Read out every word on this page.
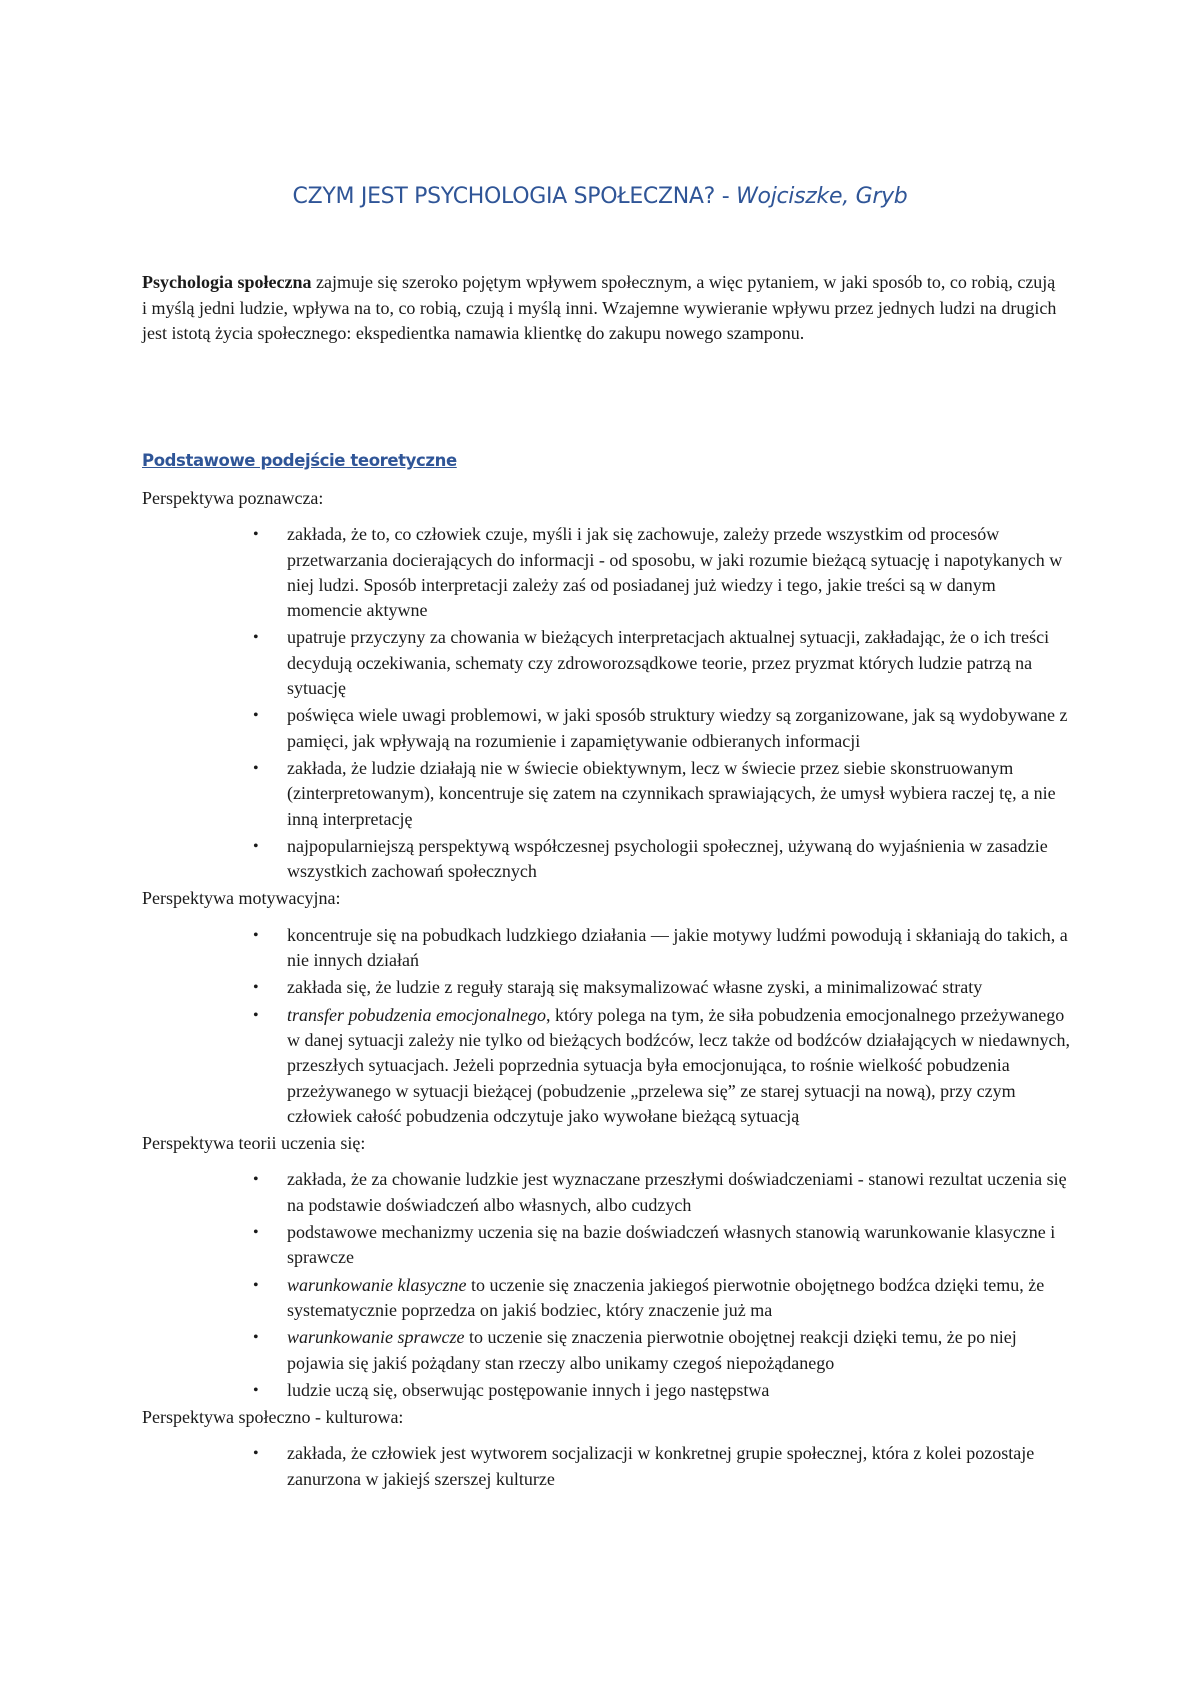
CZYM JEST PSYCHOLOGIA SPOŁECZNA? - Wojciszke, Gryb

Psychologia społeczna zajmuje się szeroko pojętym wpływem społecznym, a więc pytaniem, w jaki sposób to, co robią, czują i myślą jedni ludzie, wpływa na to, co robią, czują i myślą inni. Wzajemne wywieranie wpływu przez jednych ludzi na drugich jest istotą życia społecznego: ekspedientka namawia klientkę do zakupu nowego szamponu.

Podstawowe podejście teoretyczne
Perspektywa poznawcza:
• zakłada, że to, co człowiek czuje, myśli i jak się zachowuje, zależy przede wszystkim od procesów przetwarzania docierających do informacji - od sposobu, w jaki rozumie bieżącą sytuację i napotykanych w niej ludzi. Sposób interpretacji zależy zaś od posiadanej już wiedzy i tego, jakie treści są w danym momencie aktywne
• upatruje przyczyny za chowania w bieżących interpretacjach aktualnej sytuacji, zakładając, że o ich treści decydują oczekiwania, schematy czy zdroworozsądkowe teorie, przez pryzmat których ludzie patrzą na sytuację
• poświęca wiele uwagi problemowi, w jaki sposób struktury wiedzy są zorganizowane, jak są wydobywane z pamięci, jak wpływają na rozumienie i zapamiętywanie odbieranych informacji
• zakłada, że ludzie działają nie w świecie obiektywnym, lecz w świecie przez siebie skonstruowanym (zinterpretowanym), koncentruje się zatem na czynnikach sprawiających, że umysł wybiera raczej tę, a nie inną interpretację
• najpopularniejszą perspektywą współczesnej psychologii społecznej, używaną do wyjaśnienia w zasadzie wszystkich zachowań społecznych
Perspektywa motywacyjna:
• koncentruje się na pobudkach ludzkiego działania — jakie motywy ludźmi powodują i skłaniają do takich, a nie innych działań
• zakłada się, że ludzie z reguły starają się maksymalizować własne zyski, a minimalizować straty
• transfer pobudzenia emocjonalnego, który polega na tym, że siła pobudzenia emocjonalnego przeżywanego w danej sytuacji zależy nie tylko od bieżących bodźców, lecz także od bodźców działających w niedawnych, przeszłych sytuacjach. Jeżeli poprzednia sytuacja była emocjonująca, to rośnie wielkość pobudzenia przeżywanego w sytuacji bieżącej (pobudzenie „przelewa się” ze starej sytuacji na nową), przy czym człowiek całość pobudzenia odczytuje jako wywołane bieżącą sytuacją
Perspektywa teorii uczenia się:
• zakłada, że za chowanie ludzkie jest wyznaczane przeszłymi doświadczeniami - stanowi rezultat uczenia się na podstawie doświadczeń albo własnych, albo cudzych
• podstawowe mechanizmy uczenia się na bazie doświadczeń własnych stanowią warunkowanie klasyczne i sprawcze
• warunkowanie klasyczne to uczenie się znaczenia jakiegoś pierwotnie obojętnego bodźca dzięki temu, że systematycznie poprzedza on jakiś bodziec, który znaczenie już ma
• warunkowanie sprawcze to uczenie się znaczenia pierwotnie obojętnej reakcji dzięki temu, że po niej pojawia się jakiś pożądany stan rzeczy albo unikamy czegoś niepożądanego
• ludzie uczą się, obserwując postępowanie innych i jego następstwa
Perspektywa społeczno - kulturowa:
• zakłada, że człowiek jest wytworem socjalizacji w konkretnej grupie społecznej, która z kolei pozostaje zanurzona w jakiejś szerszej kulturze
